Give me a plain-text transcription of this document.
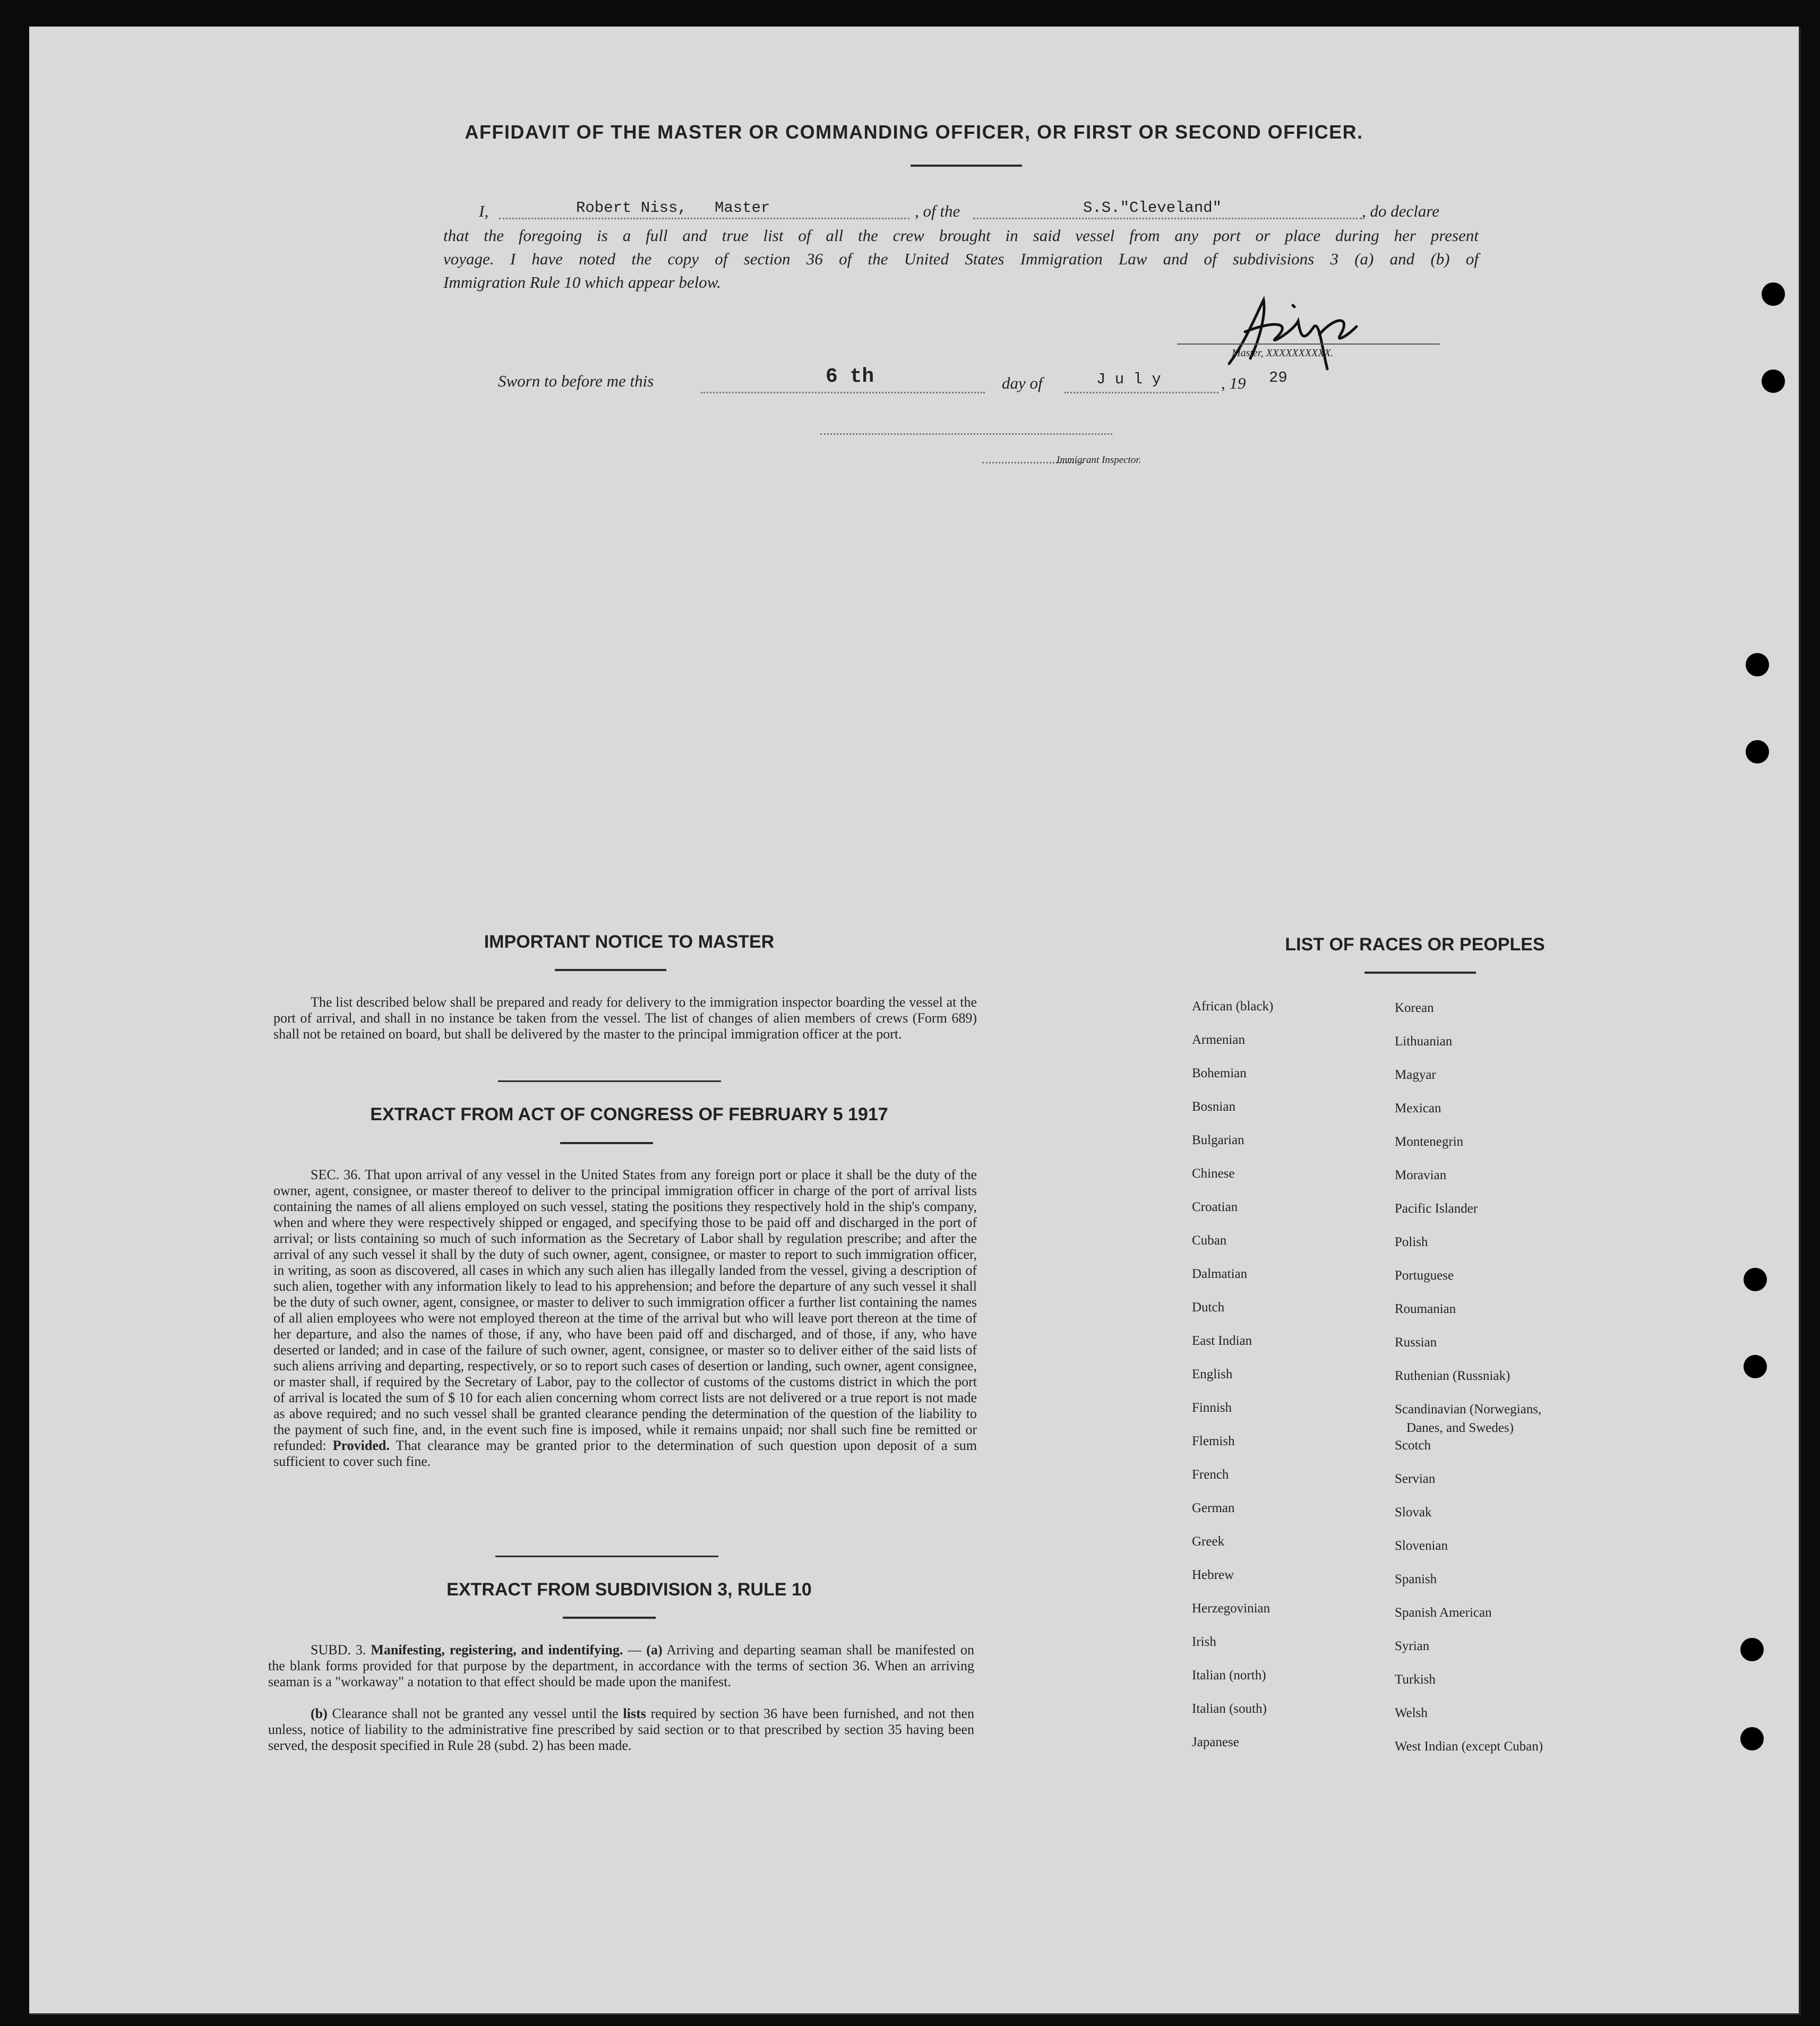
AFFIDAVIT OF THE MASTER OR COMMANDING OFFICER, OR FIRST OR SECOND OFFICER.
I,	Robert Niss,   Master	, of the	S.S."Cleveland"	, do declare
that the foregoing is a full and true list of all the crew brought in said vessel from any port or place during her present
voyage. I have noted the copy of section 36 of the United States Immigration Law and of subdivisions 3 (a) and (b) of
Immigration Rule 10 which appear below.
Master, XXXXXXXXXX.
Sworn to before me this	6 th	day of	J u l y	, 19 29
Immigrant Inspector.
IMPORTANT NOTICE TO MASTER
The list described below shall be prepared and ready for delivery to the immigration inspector boarding the vessel at the port of arrival, and shall in no instance be taken from the vessel. The list of changes of alien members of crews (Form 689) shall not be retained on board, but shall be delivered by the master to the principal immigration officer at the port.
EXTRACT FROM ACT OF CONGRESS OF FEBRUARY 5 1917
SEC. 36. That upon arrival of any vessel in the United States from any foreign port or place it shall be the duty of the owner, agent, consignee, or master thereof to deliver to the principal immigration officer in charge of the port of arrival lists containing the names of all aliens employed on such vessel, stating the positions they respectively hold in the ship's company, when and where they were respectively shipped or engaged, and specifying those to be paid off and discharged in the port of arrival; or lists containing so much of such information as the Secretary of Labor shall by regulation prescribe; and after the arrival of any such vessel it shall by the duty of such owner, agent, consignee, or master to report to such immigration officer, in writing, as soon as discovered, all cases in which any such alien has illegally landed from the vessel, giving a description of such alien, together with any information likely to lead to his apprehension; and before the departure of any such vessel it shall be the duty of such owner, agent, consignee, or master to deliver to such immigration officer a further list containing the names of all alien employees who were not employed thereon at the time of the arrival but who will leave port thereon at the time of her departure, and also the names of those, if any, who have been paid off and discharged, and of those, if any, who have deserted or landed; and in case of the failure of such owner, agent, consignee, or master so to deliver either of the said lists of such aliens arriving and departing, respectively, or so to report such cases of desertion or landing, such owner, agent consignee, or master shall, if required by the Secretary of Labor, pay to the collector of customs of the customs district in which the port of arrival is located the sum of $ 10 for each alien concerning whom correct lists are not delivered or a true report is not made as above required; and no such vessel shall be granted clearance pending the determination of the question of the liability to the payment of such fine, and, in the event such fine is imposed, while it remains unpaid; nor shall such fine be remitted or refunded: Provided. That clearance may be granted prior to the determination of such question upon deposit of a sum sufficient to cover such fine.
EXTRACT FROM SUBDIVISION 3, RULE 10
SUBD. 3. Manifesting, registering, and indentifying. — (a) Arriving and departing seaman shall be manifested on the blank forms provided for that purpose by the department, in accordance with the terms of section 36. When an arriving seaman is a "workaway" a notation to that effect should be made upon the manifest.
(b) Clearance shall not be granted any vessel until the lists required by section 36 have been furnished, and not then unless, notice of liability to the administrative fine prescribed by said section or to that prescribed by section 35 having been served, the desposit specified in Rule 28 (subd. 2) has been made.
LIST OF RACES OR PEOPLES
African (black)
Armenian
Bohemian
Bosnian
Bulgarian
Chinese
Croatian
Cuban
Dalmatian
Dutch
East Indian
English
Finnish
Flemish
French
German
Greek
Hebrew
Herzegovinian
Irish
Italian (north)
Italian (south)
Japanese
Korean
Lithuanian
Magyar
Mexican
Montenegrin
Moravian
Pacific Islander
Polish
Portuguese
Roumanian
Russian
Ruthenian (Russniak)
Scandinavian (Norwegians,
Danes, and Swedes)
Scotch
Servian
Slovak
Slovenian
Spanish
Spanish American
Syrian
Turkish
Welsh
West Indian (except Cuban)
